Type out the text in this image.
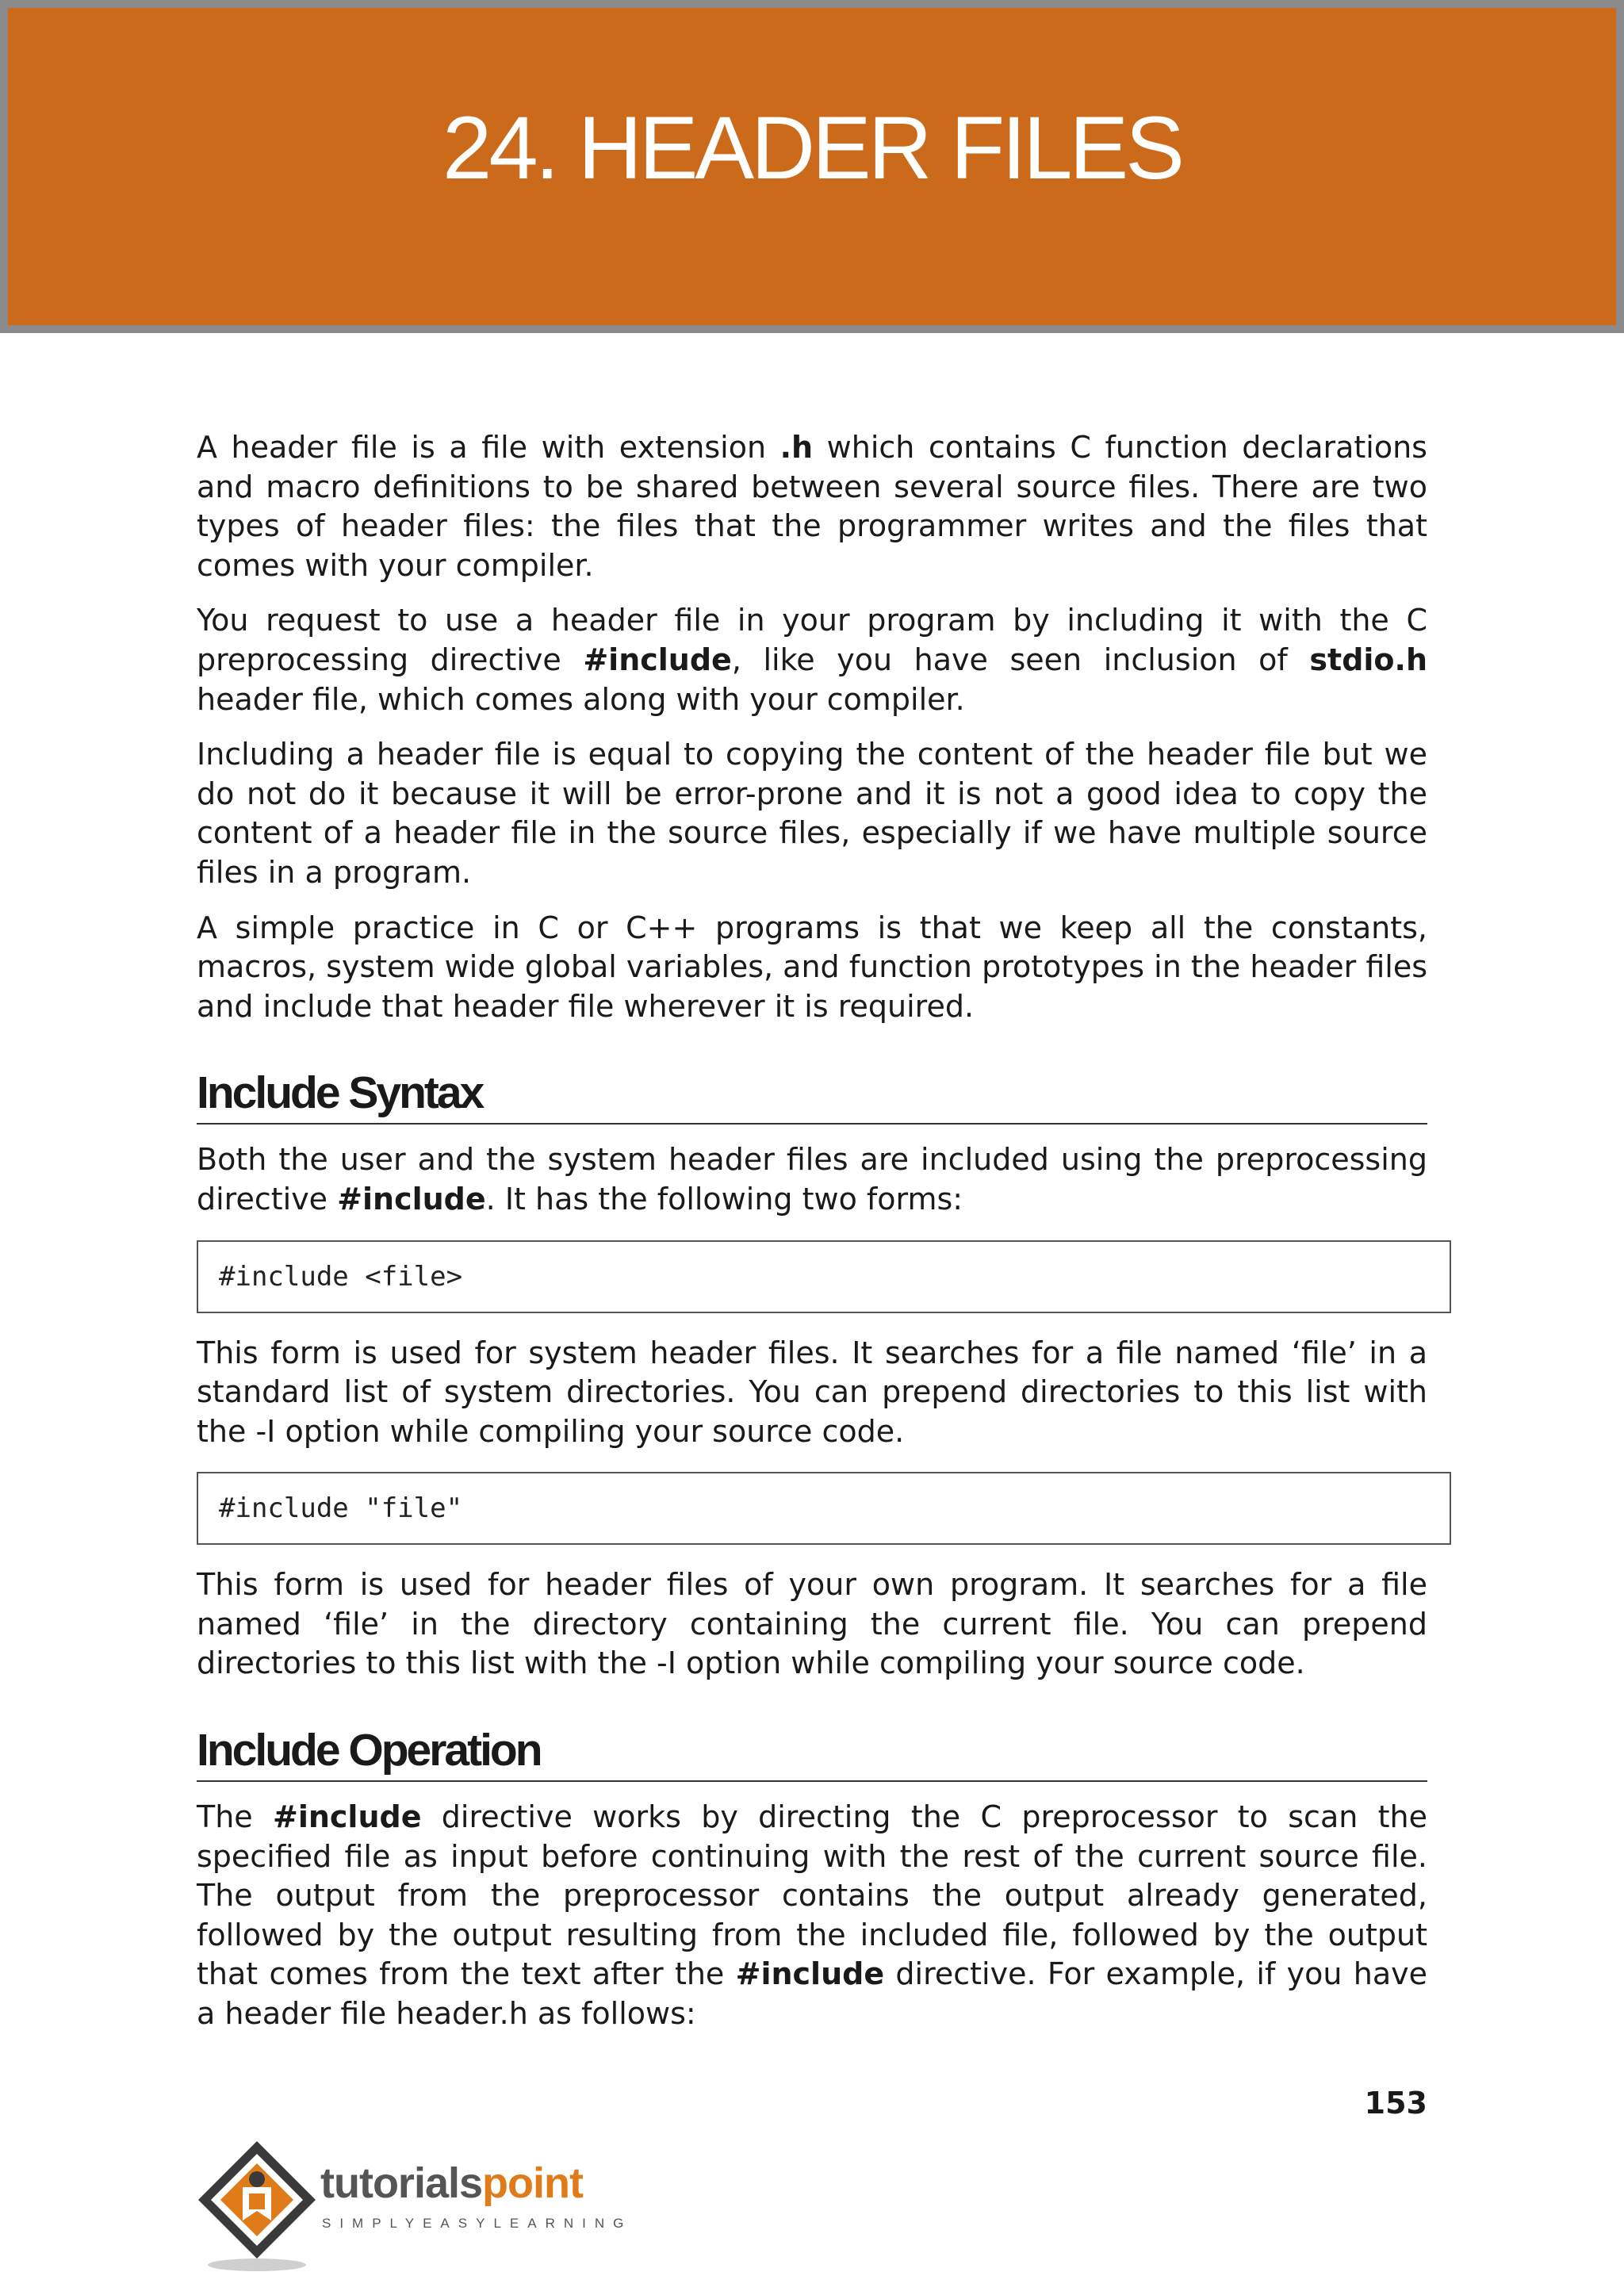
24. HEADER FILES

A header file is a file with extension .h which contains C function declarations and macro definitions to be shared between several source files. There are two types of header files: the files that the programmer writes and the files that comes with your compiler.

You request to use a header file in your program by including it with the C preprocessing directive #include, like you have seen inclusion of stdio.h header file, which comes along with your compiler.

Including a header file is equal to copying the content of the header file but we do not do it because it will be error-prone and it is not a good idea to copy the content of a header file in the source files, especially if we have multiple source files in a program.

A simple practice in C or C++ programs is that we keep all the constants, macros, system wide global variables, and function prototypes in the header files and include that header file wherever it is required.

Include Syntax

Both the user and the system header files are included using the preprocessing directive #include. It has the following two forms:

#include <file>

This form is used for system header files. It searches for a file named ‘file’ in a standard list of system directories. You can prepend directories to this list with the -I option while compiling your source code.

#include "file"

This form is used for header files of your own program. It searches for a file named ‘file’ in the directory containing the current file. You can prepend directories to this list with the -I option while compiling your source code.

Include Operation

The #include directive works by directing the C preprocessor to scan the specified file as input before continuing with the rest of the current source file. The output from the preprocessor contains the output already generated, followed by the output resulting from the included file, followed by the output that comes from the text after the #include directive. For example, if you have a header file header.h as follows:

153
tutorialspoint
SIMPLYEASYLEARNING
